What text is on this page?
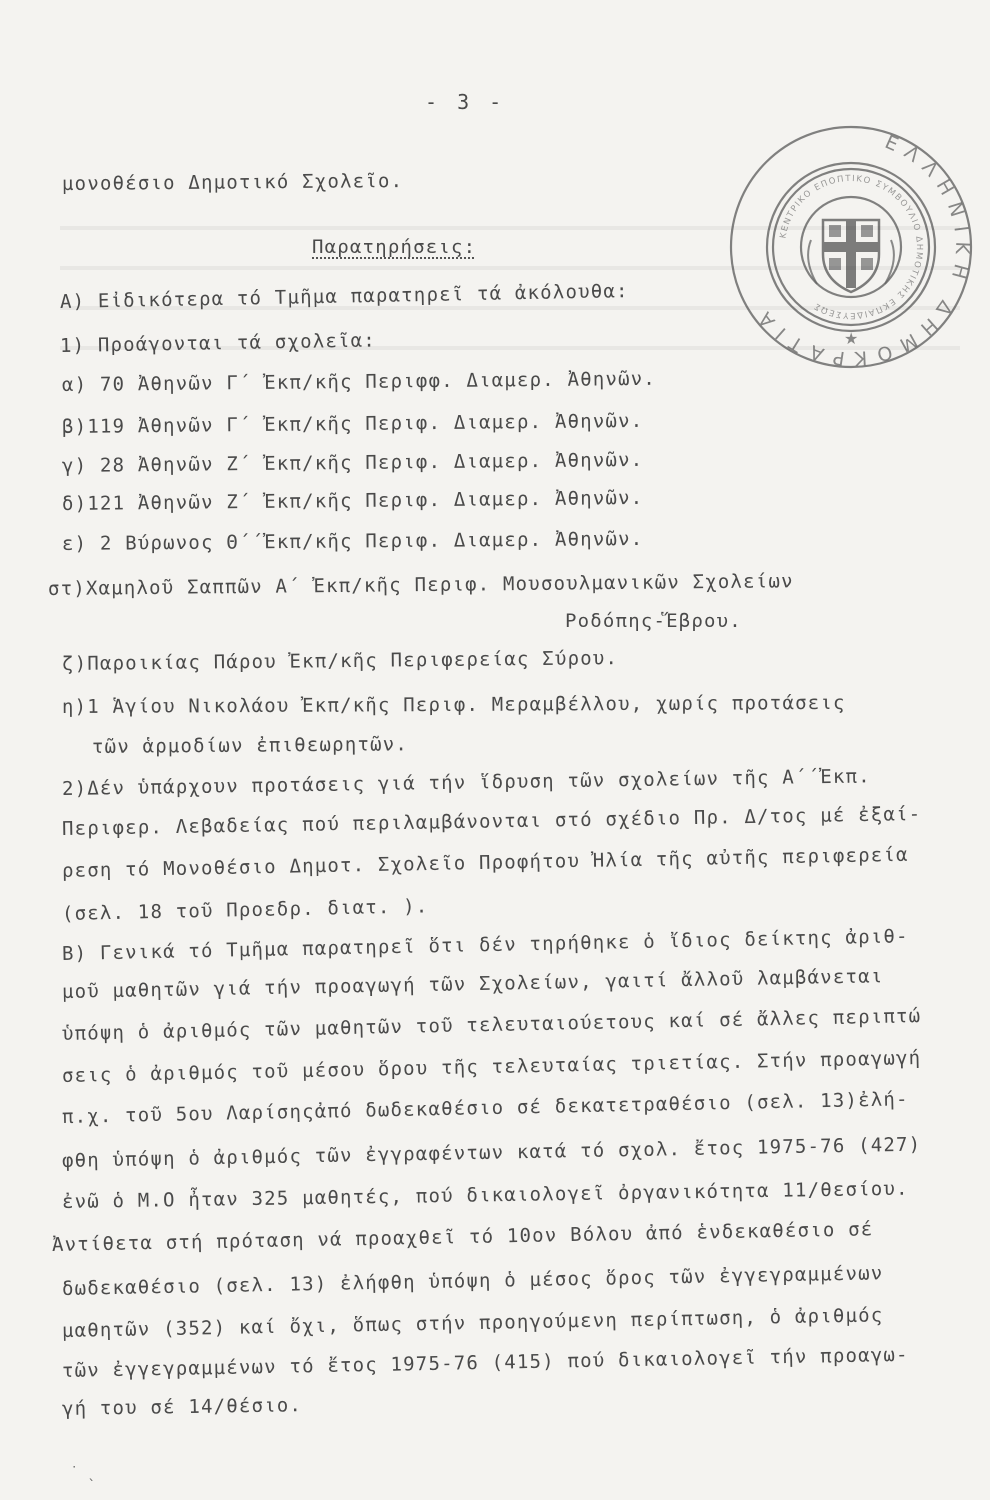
- 3 -
ΕΛΛΗΝΙΚΗ ΔΗΜΟΚΡΑΤΙΑ
ΚΕΝΤΡΙΚΟ ΕΠΟΠΤΙΚΟ ΣΥΜΒΟΥΛΙΟ ΔΗΜΟΤΙΚΗΣ ΕΚΠΑΙΔΕΥΣΕΩΣ
★
μονοθέσιο Δημοτικό Σχολεῖο.
Παρατηρήσεις:
Α) Εἰδικότερα τό Τμῆμα παρατηρεῖ τά ἀκόλουθα:
1) Προάγονται τά σχολεῖα:
α) 70 Ἀθηνῶν Γ΄ Ἐκπ/κῆς Περιφφ. Διαμερ. Ἀθηνῶν.
β)119 Ἀθηνῶν Γ΄ Ἐκπ/κῆς Περιφ. Διαμερ. Ἀθηνῶν.
γ) 28 Ἀθηνῶν Ζ΄ Ἐκπ/κῆς Περιφ. Διαμερ. Ἀθηνῶν.
δ)121 Ἀθηνῶν Ζ΄ Ἐκπ/κῆς Περιφ. Διαμερ. Ἀθηνῶν.
ε) 2 Βύρωνος Θ΄΄Ἐκπ/κῆς Περιφ. Διαμερ. Ἀθηνῶν.
στ)Χαμηλοῦ Σαππῶν Α΄ Ἐκπ/κῆς Περιφ. Μουσουλμανικῶν Σχολείων
Ροδόπης-Ἕβρου.
ζ)Παροικίας Πάρου Ἐκπ/κῆς Περιφερείας Σύρου.
η)1 Ἁγίου Νικολάου Ἐκπ/κῆς Περιφ. Μεραμβέλλου, χωρίς προτάσεις
τῶν ἁρμοδίων ἐπιθεωρητῶν.
2)Δέν ὑπάρχουν προτάσεις γιά τήν ἵδρυση τῶν σχολείων τῆς Α΄΄Ἐκπ.
Περιφερ. Λεβαδείας πού περιλαμβάνονται στό σχέδιο Πρ. Δ/τος μέ ἐξαί-
ρεση τό Μονοθέσιο Δημοτ. Σχολεῖο Προφήτου Ἠλία τῆς αὐτῆς περιφερεία
(σελ. 18 τοῦ Προεδρ. διατ. ).
Β) Γενικά τό Τμῆμα παρατηρεῖ ὅτι δέν τηρήθηκε ὁ ἴδιος δείκτης ἀριθ-
μοῦ μαθητῶν γιά τήν προαγωγή τῶν Σχολείων, γαιτί ἄλλοῦ λαμβάνεται
ὑπόψη ὁ ἀριθμός τῶν μαθητῶν τοῦ τελευταιούετους καί σέ ἄλλες περιπτώ
σεις ὁ ἀριθμός τοῦ μέσου ὅρου τῆς τελευταίας τριετίας. Στήν προαγωγή
π.χ. τοῦ 5ου Λαρίσηςἀπό δωδεκαθέσιο σέ δεκατετραθέσιο (σελ. 13)ἐλή-
φθη ὑπόψη ὁ ἀριθμός τῶν ἐγγραφέντων κατά τό σχολ. ἔτος 1975-76 (427)
ἐνῶ ὁ Μ.Ο ἦταν 325 μαθητές, πού δικαιολογεῖ ὀργανικότητα 11/θεσίου.
Ἀντίθετα στή πρόταση νά προαχθεῖ τό 10ον Βόλου ἀπό ἑνδεκαθέσιο σέ
δωδεκαθέσιο (σελ. 13) ἐλήφθη ὑπόψη ὁ μέσος ὅρος τῶν ἐγγεγραμμένων
μαθητῶν (352) καί ὄχι, ὅπως στήν προηγούμενη περίπτωση, ὁ ἀριθμός
τῶν ἐγγεγραμμένων τό ἔτος 1975-76 (415) πού δικαιολογεῖ τήν προαγω-
γή του σέ 14/θέσιο.
˙ ˎ
